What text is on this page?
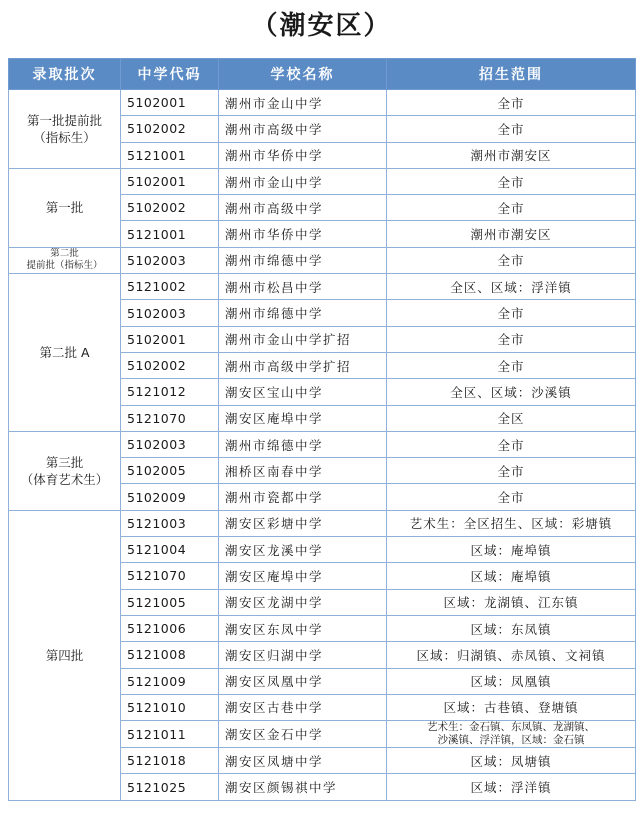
（潮安区）
录取批次	中学代码	学校名称	招生范围

第一批提前批
（指标生）	5102001	潮州市金山中学	全市

	5102002	潮州市高级中学	全市

	5121001	潮州市华侨中学	潮州市潮安区

第一批	5102001	潮州市金山中学	全市

	5102002	潮州市高级中学	全市

	5121001	潮州市华侨中学	潮州市潮安区

第二批
提前批（指标生）	5102003	潮州市绵德中学	全市

第二批 A	5121002	潮州市松昌中学	全区、区域：浮洋镇

	5102003	潮州市绵德中学	全市

	5102001	潮州市金山中学扩招	全市

	5102002	潮州市高级中学扩招	全市

	5121012	潮安区宝山中学	全区、区域：沙溪镇

	5121070	潮安区庵埠中学	全区

第三批
（体育艺术生）	5102003	潮州市绵德中学	全市

	5102005	湘桥区南春中学	全市

	5102009	潮州市瓷都中学	全市

第四批	5121003	潮安区彩塘中学	艺术生：全区招生、区域：彩塘镇

	5121004	潮安区龙溪中学	区域：庵埠镇

	5121070	潮安区庵埠中学	区域：庵埠镇

	5121005	潮安区龙湖中学	区域：龙湖镇、江东镇

	5121006	潮安区东凤中学	区域：东凤镇

	5121008	潮安区归湖中学	区域：归湖镇、赤凤镇、文祠镇

	5121009	潮安区凤凰中学	区域：凤凰镇

	5121010	潮安区古巷中学	区域：古巷镇、登塘镇

	5121011	潮安区金石中学	艺术生：金石镇、东凤镇、龙湖镇、
沙溪镇、浮洋镇，区域：金石镇

	5121018	潮安区凤塘中学	区域：凤塘镇

	5121025	潮安区颜锡祺中学	区域：浮洋镇
